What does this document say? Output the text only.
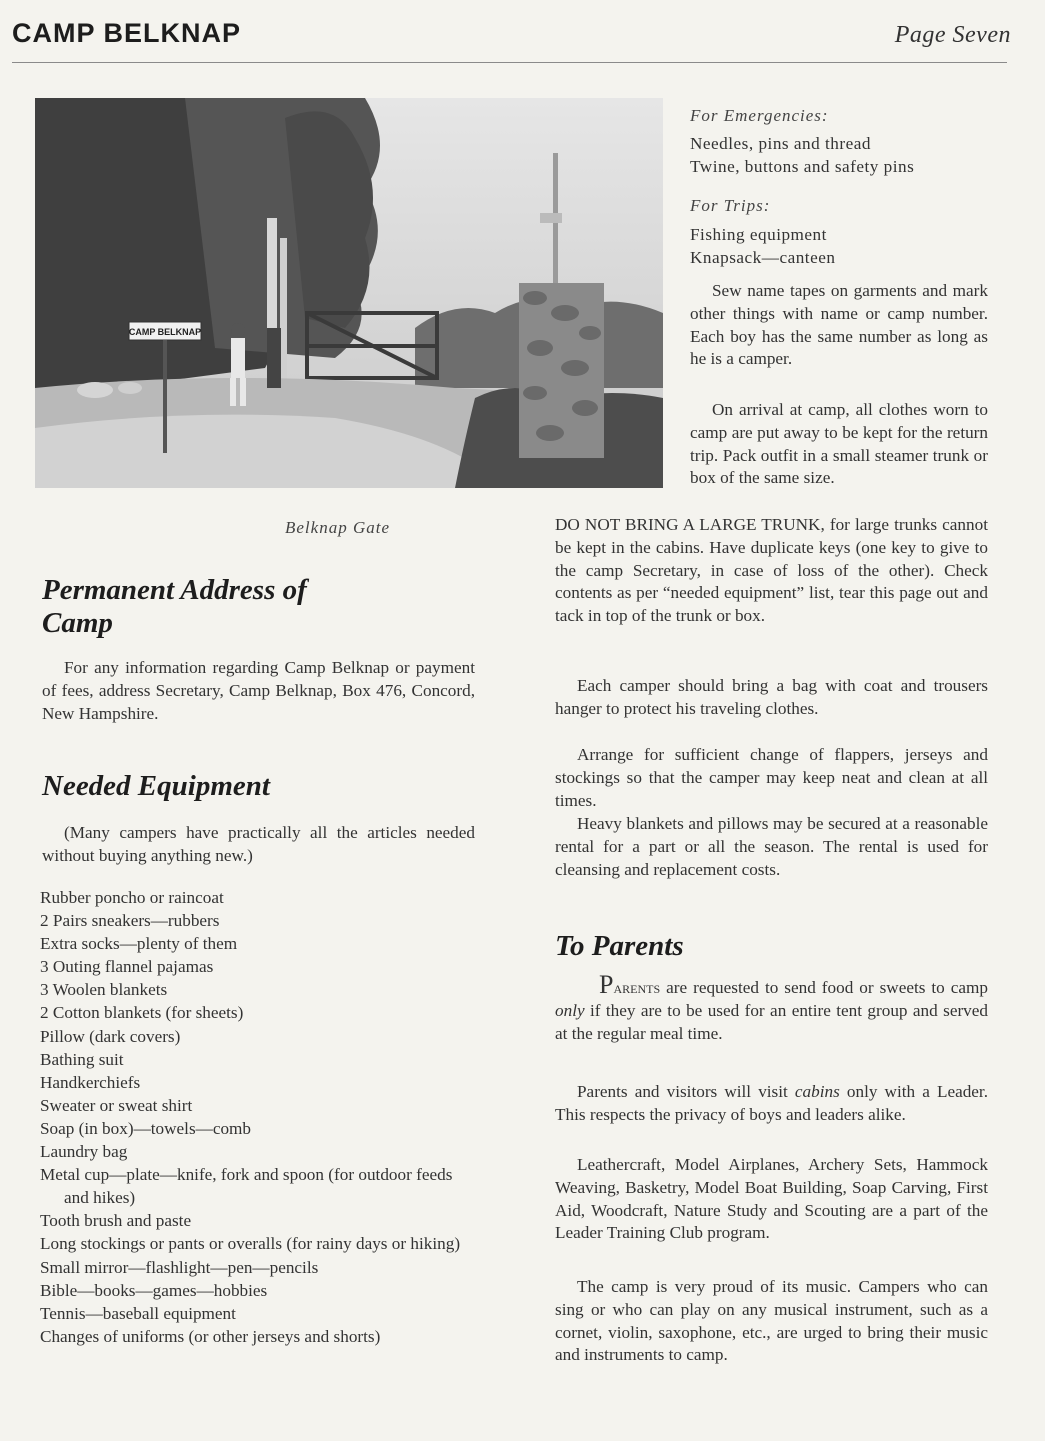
CAMP BELKNAP	Page Seven
CAMP BELKNAP
Belknap Gate
Permanent Address of Camp

For any information regarding Camp Belknap or payment of fees, address Secretary, Camp Belknap, Box 476, Concord, New Hampshire.

Needed Equipment

(Many campers have practically all the articles needed without buying anything new.)

Rubber poncho or raincoat
2 Pairs sneakers—rubbers
Extra socks—plenty of them
3 Outing flannel pajamas
3 Woolen blankets
2 Cotton blankets (for sheets)
Pillow (dark covers)
Bathing suit
Handkerchiefs
Sweater or sweat shirt
Soap (in box)—towels—comb
Laundry bag
Metal cup—plate—knife, fork and spoon (for outdoor feeds and hikes)
Tooth brush and paste
Long stockings or pants or overalls (for rainy days or hiking)
Small mirror—flashlight—pen—pencils
Bible—books—games—hobbies
Tennis—baseball equipment
Changes of uniforms (or other jerseys and shorts)
For Emergencies:
Needles, pins and thread
Twine, buttons and safety pins
For Trips:
Fishing equipment
Knapsack—canteen

Sew name tapes on garments and mark other things with name or camp number. Each boy has the same number as long as he is a camper.

On arrival at camp, all clothes worn to camp are put away to be kept for the return trip. Pack outfit in a small steamer trunk or box of the same size.

DO NOT BRING A LARGE TRUNK, for large trunks cannot be kept in the cabins. Have duplicate keys (one key to give to the camp Secretary, in case of loss of the other). Check contents as per “needed equipment” list, tear this page out and tack in top of the trunk or box.

Each camper should bring a bag with coat and trousers hanger to protect his traveling clothes.

Arrange for sufficient change of flappers, jerseys and stockings so that the camper may keep neat and clean at all times.

Heavy blankets and pillows may be secured at a reasonable rental for a part or all the season. The rental is used for cleansing and replacement costs.

To Parents

Parents are requested to send food or sweets to camp only if they are to be used for an entire tent group and served at the regular meal time.

Parents and visitors will visit cabins only with a Leader. This respects the privacy of boys and leaders alike.

Leathercraft, Model Airplanes, Archery Sets, Hammock Weaving, Basketry, Model Boat Building, Soap Carving, First Aid, Woodcraft, Nature Study and Scouting are a part of the Leader Training Club program.

The camp is very proud of its music. Campers who can sing or who can play on any musical instrument, such as a cornet, violin, saxophone, etc., are urged to bring their music and instruments to camp.
